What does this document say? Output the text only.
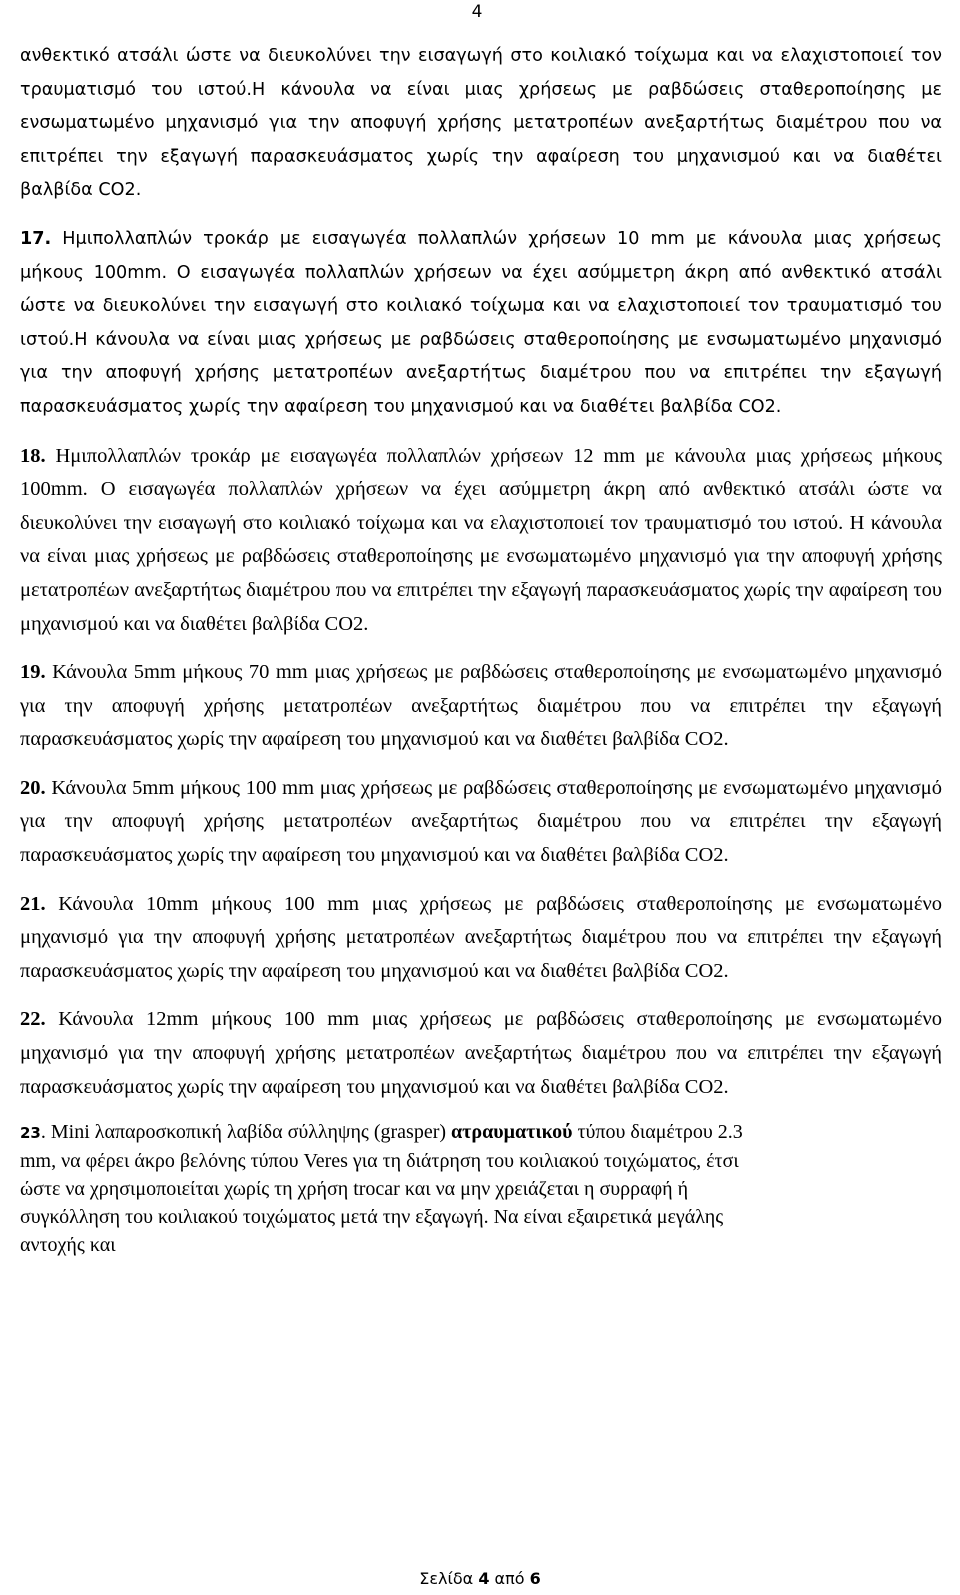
4

ανθεκτικό ατσάλι ώστε να διευκολύνει την εισαγωγή στο κοιλιακό τοίχωμα και να ελαχιστοποιεί τον τραυματισμό του ιστού.Η κάνουλα να είναι μιας χρήσεως με ραβδώσεις σταθεροποίησης με ενσωματωμένο μηχανισμό για την αποφυγή χρήσης μετατροπέων ανεξαρτήτως διαμέτρου που να επιτρέπει την εξαγωγή παρασκευάσματος χωρίς την αφαίρεση του μηχανισμού και να διαθέτει βαλβίδα CO2.

17. Ημιπολλαπλών τροκάρ με εισαγωγέα πολλαπλών χρήσεων 10 mm με κάνουλα μιας χρήσεως μήκους 100mm. Ο εισαγωγέα πολλαπλών χρήσεων να έχει ασύμμετρη άκρη από ανθεκτικό ατσάλι ώστε να διευκολύνει την εισαγωγή στο κοιλιακό τοίχωμα και να ελαχιστοποιεί τον τραυματισμό του ιστού.Η κάνουλα να είναι μιας χρήσεως με ραβδώσεις σταθεροποίησης με ενσωματωμένο μηχανισμό για την αποφυγή χρήσης μετατροπέων ανεξαρτήτως διαμέτρου που να επιτρέπει την εξαγωγή παρασκευάσματος χωρίς την αφαίρεση του μηχανισμού και να διαθέτει βαλβίδα CO2.

18. Ημιπολλαπλών τροκάρ με εισαγωγέα πολλαπλών χρήσεων 12 mm με κάνουλα μιας χρήσεως μήκους 100mm. Ο εισαγωγέα πολλαπλών χρήσεων να έχει ασύμμετρη άκρη από ανθεκτικό ατσάλι ώστε να διευκολύνει την εισαγωγή στο κοιλιακό τοίχωμα και να ελαχιστοποιεί τον τραυματισμό του ιστού. Η κάνουλα να είναι μιας χρήσεως με ραβδώσεις σταθεροποίησης με ενσωματωμένο μηχανισμό για την αποφυγή χρήσης μετατροπέων ανεξαρτήτως διαμέτρου που να επιτρέπει την εξαγωγή παρασκευάσματος χωρίς την αφαίρεση του μηχανισμού και να διαθέτει βαλβίδα CO2.

19. Κάνουλα 5mm μήκους 70 mm μιας χρήσεως με ραβδώσεις σταθεροποίησης με ενσωματωμένο μηχανισμό για την αποφυγή χρήσης μετατροπέων ανεξαρτήτως διαμέτρου που να επιτρέπει την εξαγωγή παρασκευάσματος χωρίς την αφαίρεση του μηχανισμού και να διαθέτει βαλβίδα CO2.

20. Κάνουλα 5mm μήκους 100 mm μιας χρήσεως με ραβδώσεις σταθεροποίησης με ενσωματωμένο μηχανισμό για την αποφυγή χρήσης μετατροπέων ανεξαρτήτως διαμέτρου που να επιτρέπει την εξαγωγή παρασκευάσματος χωρίς την αφαίρεση του μηχανισμού και να διαθέτει βαλβίδα CO2.

21. Κάνουλα 10mm μήκους 100 mm μιας χρήσεως με ραβδώσεις σταθεροποίησης με ενσωματωμένο μηχανισμό για την αποφυγή χρήσης μετατροπέων ανεξαρτήτως διαμέτρου που να επιτρέπει την εξαγωγή παρασκευάσματος χωρίς την αφαίρεση του μηχανισμού και να διαθέτει βαλβίδα CO2.

22. Κάνουλα 12mm μήκους 100 mm μιας χρήσεως με ραβδώσεις σταθεροποίησης με ενσωματωμένο μηχανισμό για την αποφυγή χρήσης μετατροπέων ανεξαρτήτως διαμέτρου που να επιτρέπει την εξαγωγή παρασκευάσματος χωρίς την αφαίρεση του μηχανισμού και να διαθέτει βαλβίδα CO2.

23. Mini λαπαροσκοπική λαβίδα σύλληψης (grasper) ατραυματικού τύπου διαμέτρου 2.3 mm, να φέρει άκρο βελόνης τύπου Veres για τη διάτρηση του κοιλιακού τοιχώματος, έτσι ώστε να χρησιμοποιείται χωρίς τη χρήση trocar και να μην χρειάζεται η συρραφή ή συγκόλληση του κοιλιακού τοιχώματος μετά την εξαγωγή. Να είναι εξαιρετικά μεγάλης αντοχής και

Σελίδα 4 από 6
